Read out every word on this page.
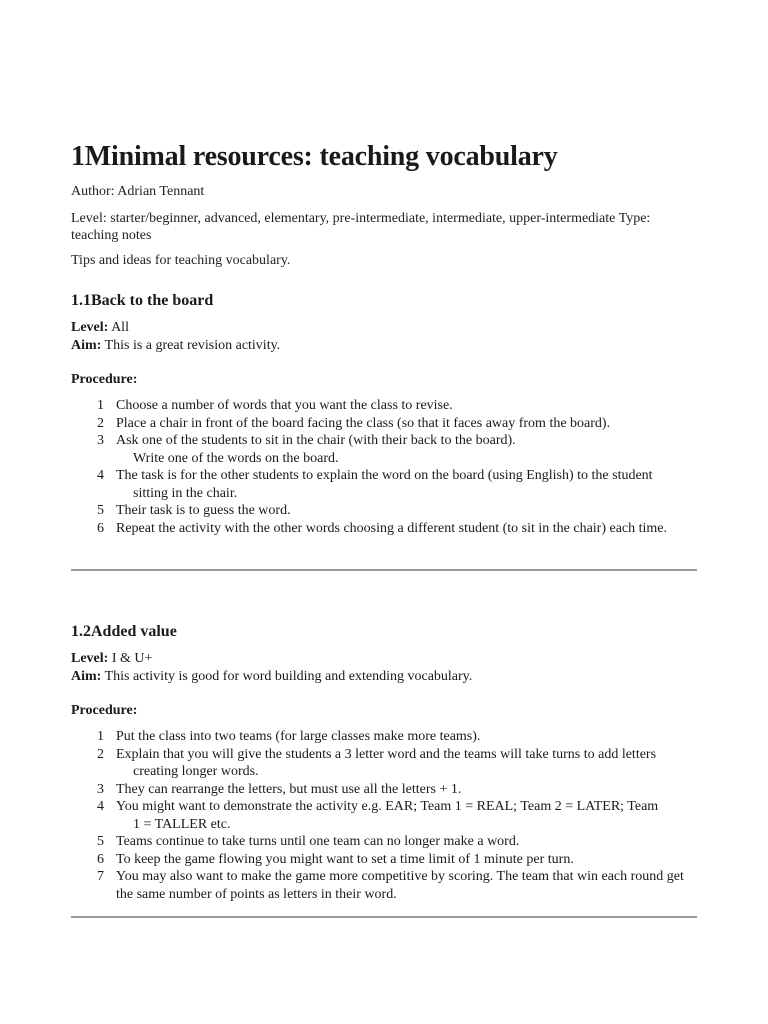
1Minimal resources: teaching vocabulary
Author: Adrian Tennant
Level: starter/beginner, advanced, elementary, pre-intermediate, intermediate, upper-intermediate Type: teaching notes
Tips and ideas for teaching vocabulary.
1.1Back to the board
Level: All
Aim: This is a great revision activity.
Procedure:
1 Choose a number of words that you want the class to revise.
2 Place a chair in front of the board facing the class (so that it faces away from the board).
3 Ask one of the students to sit in the chair (with their back to the board).
Write one of the words on the board.
4 The task is for the other students to explain the word on the board (using English) to the student
sitting in the chair.
5 Their task is to guess the word.
6 Repeat the activity with the other words choosing a different student (to sit in the chair) each time.
1.2Added value
Level: I & U+
Aim: This activity is good for word building and extending vocabulary.
Procedure:
1 Put the class into two teams (for large classes make more teams).
2 Explain that you will give the students a 3 letter word and the teams will take turns to add letters
creating longer words.
3 They can rearrange the letters, but must use all the letters + 1.
4 You might want to demonstrate the activity e.g. EAR; Team 1 = REAL; Team 2 = LATER; Team
1 = TALLER etc.
5 Teams continue to take turns until one team can no longer make a word.
6 To keep the game flowing you might want to set a time limit of 1 minute per turn.
7 You may also want to make the game more competitive by scoring. The team that win each round get the same number of points as letters in their word.
